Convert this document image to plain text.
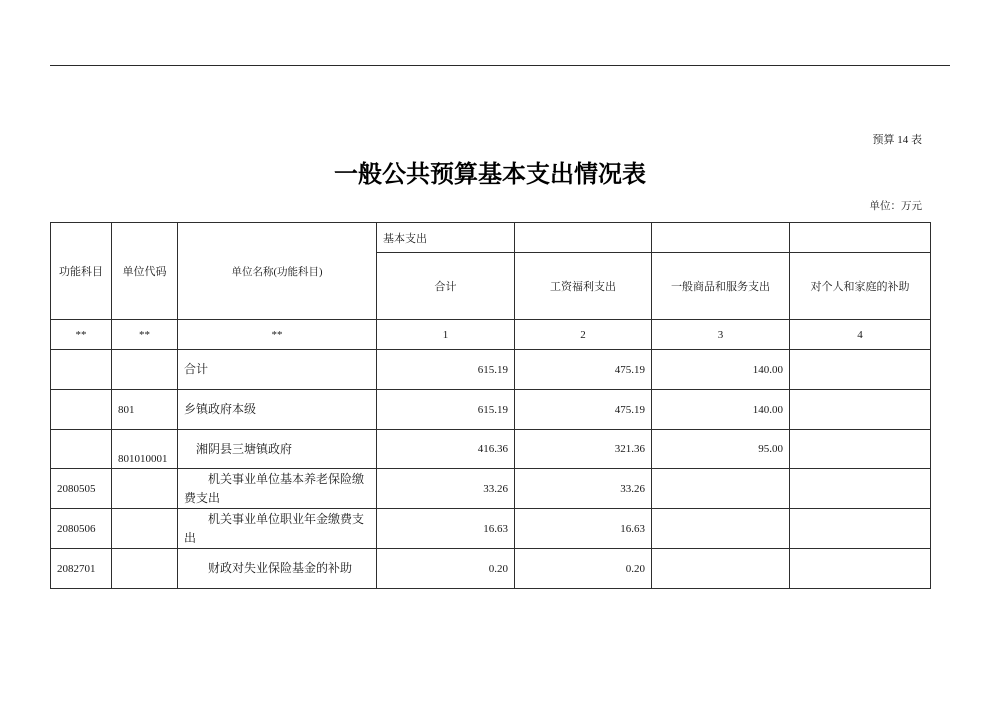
预算 14 表
一般公共预算基本支出情况表
单位：万元
功能科目	单位代码	单位名称(功能科目)	基本支出			
			合计	工资福利支出	一般商品和服务支出	对个人和家庭的补助
**	**	**	1	2	3	4
		合计	615.19	475.19	140.00	
	801	乡镇政府本级	615.19	475.19	140.00	
	801010001	湘阴县三塘镇政府	416.36	321.36	95.00	
2080505		机关事业单位基本养老保险缴费支出	33.26	33.26		
2080506		机关事业单位职业年金缴费支出	16.63	16.63		
2082701		财政对失业保险基金的补助	0.20	0.20		
